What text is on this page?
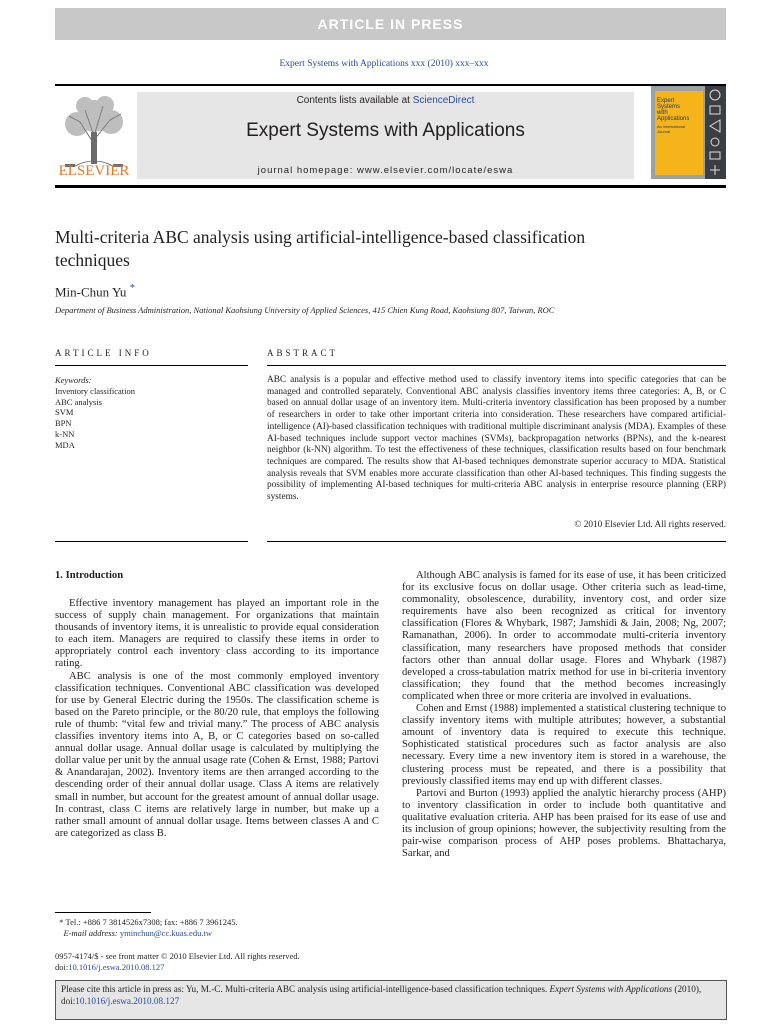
ARTICLE IN PRESS
Expert Systems with Applications xxx (2010) xxx–xxx
ELSEVIER
Contents lists available at ScienceDirect
Expert Systems with Applications
journal homepage: www.elsevier.com/locate/eswa
Expert
Systems
with
Applications
An International
Journal
Multi-criteria ABC analysis using artificial-intelligence-based classification techniques
Min-Chun Yu *
Department of Business Administration, National Kaohsiung University of Applied Sciences, 415 Chien Kung Road, Kaohsiung 807, Taiwan, ROC
ARTICLE INFO
Keywords:
Inventory classification
ABC analysis
SVM
BPN
k-NN
MDA
ABSTRACT
ABC analysis is a popular and effective method used to classify inventory items into specific categories that can be managed and controlled separately. Conventional ABC analysis classifies inventory items three categories: A, B, or C based on annual dollar usage of an inventory item. Multi-criteria inventory classification has been proposed by a number of researchers in order to take other important criteria into consideration. These researchers have compared artificial-intelligence (AI)-based classification techniques with traditional multiple discriminant analysis (MDA). Examples of these AI-based techniques include support vector machines (SVMs), backpropagation networks (BPNs), and the k-nearest neighbor (k-NN) algorithm. To test the effectiveness of these techniques, classification results based on four benchmark techniques are compared. The results show that AI-based techniques demonstrate superior accuracy to MDA. Statistical analysis reveals that SVM enables more accurate classification than other AI-based techniques. This finding suggests the possibility of implementing AI-based techniques for multi-criteria ABC analysis in enterprise resource planning (ERP) systems.
© 2010 Elsevier Ltd. All rights reserved.
1. Introduction

Effective inventory management has played an important role in the success of supply chain management. For organizations that maintain thousands of inventory items, it is unrealistic to provide equal consideration to each item. Managers are required to classify these items in order to appropriately control each inventory class according to its importance rating.

ABC analysis is one of the most commonly employed inventory classification techniques. Conventional ABC classification was developed for use by General Electric during the 1950s. The classification scheme is based on the Pareto principle, or the 80/20 rule, that employs the following rule of thumb: “vital few and trivial many.” The process of ABC analysis classifies inventory items into A, B, or C categories based on so-called annual dollar usage. Annual dollar usage is calculated by multiplying the dollar value per unit by the annual usage rate (Cohen & Ernst, 1988; Partovi & Anandarajan, 2002). Inventory items are then arranged according to the descending order of their annual dollar usage. Class A items are relatively small in number, but account for the greatest amount of annual dollar usage. In contrast, class C items are relatively large in number, but make up a rather small amount of annual dollar usage. Items between classes A and C are categorized as class B.

Although ABC analysis is famed for its ease of use, it has been criticized for its exclusive focus on dollar usage. Other criteria such as lead-time, commonality, obsolescence, durability, inventory cost, and order size requirements have also been recognized as critical for inventory classification (Flores & Whybark, 1987; Jamshidi & Jain, 2008; Ng, 2007; Ramanathan, 2006). In order to accommodate multi-criteria inventory classification, many researchers have proposed methods that consider factors other than annual dollar usage. Flores and Whybark (1987) developed a cross-tabulation matrix method for use in bi-criteria inventory classification; they found that the method becomes increasingly complicated when three or more criteria are involved in evaluations.

Cohen and Ernst (1988) implemented a statistical clustering technique to classify inventory items with multiple attributes; however, a substantial amount of inventory data is required to execute this technique. Sophisticated statistical procedures such as factor analysis are also necessary. Every time a new inventory item is stored in a warehouse, the clustering process must be repeated, and there is a possibility that previously classified items may end up with different classes.

Partovi and Burton (1993) applied the analytic hierarchy process (AHP) to inventory classification in order to include both quantitative and qualitative evaluation criteria. AHP has been praised for its ease of use and its inclusion of group opinions; however, the subjectivity resulting from the pair-wise comparison process of AHP poses problems. Bhattacharya, Sarkar, and

* Tel.: +886 7 3814526x7308; fax: +886 7 3961245.
E-mail address: yminchun@cc.kuas.edu.tw
0957-4174/$ - see front matter © 2010 Elsevier Ltd. All rights reserved.
doi:10.1016/j.eswa.2010.08.127
Please cite this article in press as: Yu, M.-C. Multi-criteria ABC analysis using artificial-intelligence-based classification techniques. Expert Systems with Applications (2010), doi:10.1016/j.eswa.2010.08.127
